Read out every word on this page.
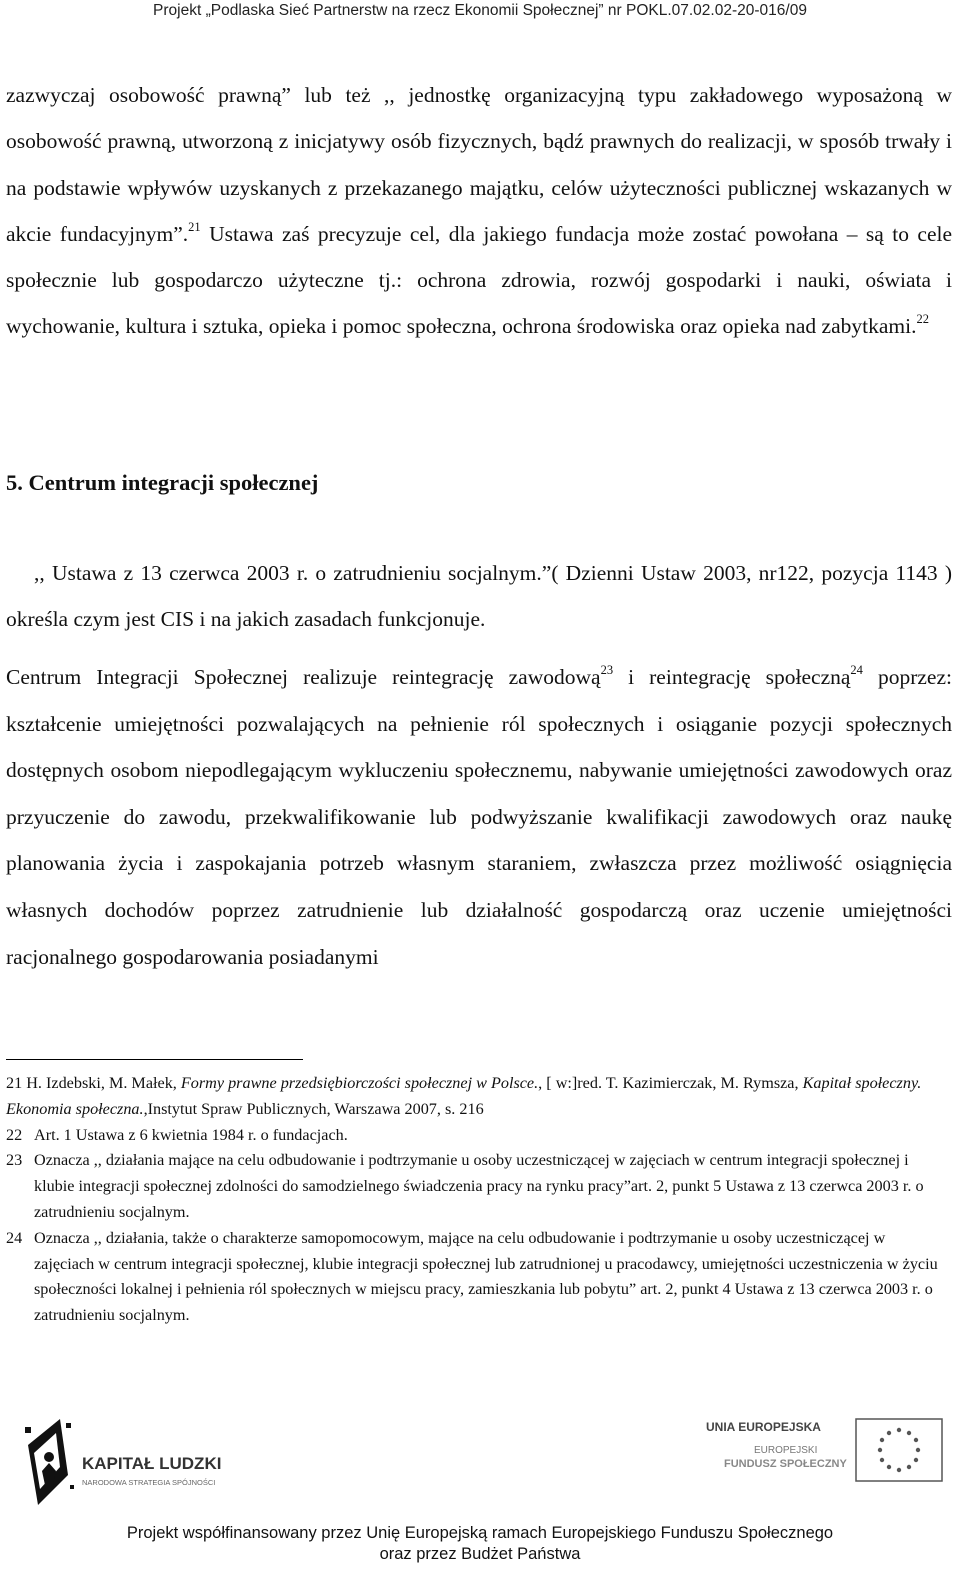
Projekt „Podlaska Sieć Partnerstw na rzecz Ekonomii Społecznej” nr POKL.07.02.02-20-016/09

zazwyczaj osobowość prawną” lub też ,, jednostkę organizacyjną typu zakładowego wyposażoną w osobowość prawną, utworzoną z inicjatywy osób fizycznych, bądź prawnych do realizacji, w sposób trwały i na podstawie wpływów uzyskanych z przekazanego majątku, celów użyteczności publicznej wskazanych w akcie fundacyjnym”.$^{21}$ Ustawa zaś precyzuje cel, dla jakiego fundacja może zostać powołana – są to cele społecznie lub gospodarczo użyteczne tj.: ochrona zdrowia, rozwój gospodarki i nauki, oświata i wychowanie, kultura i sztuka, opieka i pomoc społeczna, ochrona środowiska oraz opieka nad zabytkami.$^{22}$

5. Centrum integracji społecznej

,, Ustawa z 13 czerwca 2003 r. o zatrudnieniu socjalnym.”( Dzienni Ustaw 2003, nr122, pozycja 1143 ) określa czym jest CIS i na jakich zasadach funkcjonuje.

Centrum Integracji Społecznej realizuje reintegrację zawodową$^{23}$ i reintegrację społeczną$^{24}$ poprzez: kształcenie umiejętności pozwalających na pełnienie ról społecznych i osiąganie pozycji społecznych dostępnych osobom niepodlegającym wykluczeniu społecznemu, nabywanie umiejętności zawodowych oraz przyuczenie do zawodu, przekwalifikowanie lub podwyższanie kwalifikacji zawodowych oraz naukę planowania życia i zaspokajania potrzeb własnym staraniem, zwłaszcza przez możliwość osiągnięcia własnych dochodów poprzez zatrudnienie lub działalność gospodarczą oraz uczenie umiejętności racjonalnego gospodarowania posiadanymi

21 H. Izdebski, M. Małek, Formy prawne przedsiębiorczości społecznej w Polsce., [ w:]red. T. Kazimierczak, M. Rymsza, Kapitał społeczny. Ekonomia społeczna.,Instytut Spraw Publicznych, Warszawa 2007, s. 216
22 Art. 1 Ustawa z 6 kwietnia 1984 r. o fundacjach.
23 Oznacza ,, działania mające na celu odbudowanie i podtrzymanie u osoby uczestniczącej w zajęciach w centrum integracji społecznej i klubie integracji społecznej zdolności do samodzielnego świadczenia pracy na rynku pracy”art. 2, punkt 5 Ustawa z 13 czerwca 2003 r. o zatrudnieniu socjalnym.
24 Oznacza ,, działania, także o charakterze samopomocowym, mające na celu odbudowanie i podtrzymanie u osoby uczestniczącej w zajęciach w centrum integracji społecznej, klubie integracji społecznej lub zatrudnionej u pracodawcy, umiejętności uczestniczenia w życiu społeczności lokalnej i pełnienia ról społecznych w miejscu pracy, zamieszkania lub pobytu” art. 2, punkt 4 Ustawa z 13 czerwca 2003 r. o zatrudnieniu socjalnym.
KAPITAŁ LUDZKI
NARODOWA STRATEGIA SPÓJNOŚCI
UNIA EUROPEJSKA
EUROPEJSKI
FUNDUSZ SPOŁECZNY
Projekt współfinansowany przez Unię Europejską ramach Europejskiego Funduszu Społecznego
oraz przez Budżet Państwa
